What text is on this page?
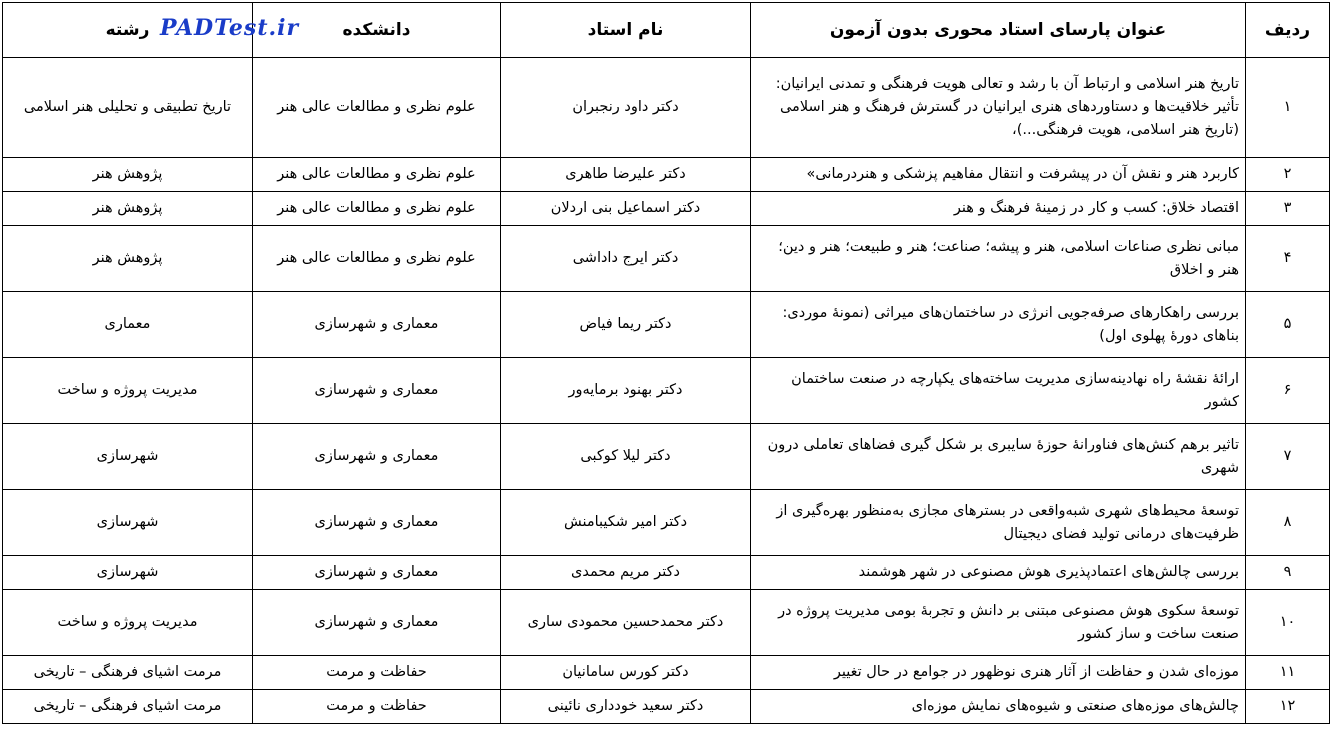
ردیف	عنوان پارسای استاد محوری بدون آزمون	نام استاد	دانشکده	رشته
۱	تاریخ هنر اسلامی و ارتباط آن با رشد و تعالی هویت فرهنگی و تمدنی ایرانیان: تأثیر خلاقیت‌ها و دستاوردهای هنری ایرانیان در گسترش فرهنگ و هنر اسلامی (تاریخ هنر اسلامی، هویت فرهنگی...)،	دکتر داود رنجبران	علوم نظری و مطالعات عالی هنر	تاریخ تطبیقی و تحلیلی هنر اسلامی
۲	کاربرد هنر و نقش آن در پیشرفت و انتقال مفاهیم پزشکی و هنردرمانی»	دکتر علیرضا طاهری	علوم نظری و مطالعات عالی هنر	پژوهش هنر
۳	اقتصاد خلاق: کسب و کار در زمینۀ فرهنگ و هنر	دکتر اسماعیل بنی اردلان	علوم نظری و مطالعات عالی هنر	پژوهش هنر
۴	مبانی نظری صناعات اسلامی، هنر و پیشه؛ صناعت؛ هنر و طبیعت؛ هنر و دین؛ هنر و اخلاق	دکتر ایرج داداشی	علوم نظری و مطالعات عالی هنر	پژوهش هنر
۵	بررسی راهکارهای صرفه‌جویی انرژی در ساختمان‌های میراثی (نمونۀ موردی: بناهای دورۀ پهلوی اول)	دکتر ریما فیاض	معماری و شهرسازی	معماری
۶	ارائۀ نقشۀ راه نهادینه‌سازی مدیریت ساخته‌های یکپارچه در صنعت ساختمان کشور	دکتر بهنود برمایه‌ور	معماری و شهرسازی	مدیریت پروژه و ساخت
۷	تاثیر برهم کنش‌های فناورانۀ حوزۀ سایبری بر شکل گیری فضاهای تعاملی درون شهری	دکتر لیلا کوکبی	معماری و شهرسازی	شهرسازی
۸	توسعۀ محیط‌های شهری شبه‌واقعی در بسترهای مجازی به‌منظور بهره‌گیری از ظرفیت‌های درمانی تولید فضای دیجیتال	دکتر امیر شکیبامنش	معماری و شهرسازی	شهرسازی
۹	بررسی چالش‌های اعتمادپذیری هوش مصنوعی در شهر هوشمند	دکتر مریم محمدی	معماری و شهرسازی	شهرسازی
۱۰	توسعۀ سکوی هوش مصنوعی مبتنی بر دانش و تجربۀ بومی مدیریت پروژه در صنعت ساخت و ساز کشور	دکتر محمدحسین محمودی ساری	معماری و شهرسازی	مدیریت پروژه و ساخت
۱۱	موزه‌ای شدن و حفاظت از آثار هنری نوظهور در جوامع در حال تغییر	دکتر کورس سامانیان	حفاظت و مرمت	مرمت اشیای فرهنگی – تاریخی
۱۲	چالش‌های موزه‌های صنعتی و شیوه‌های نمایش موزه‌ای	دکتر سعید خودداری نائینی	حفاظت و مرمت	مرمت اشیای فرهنگی – تاریخی
PADTest.ir
